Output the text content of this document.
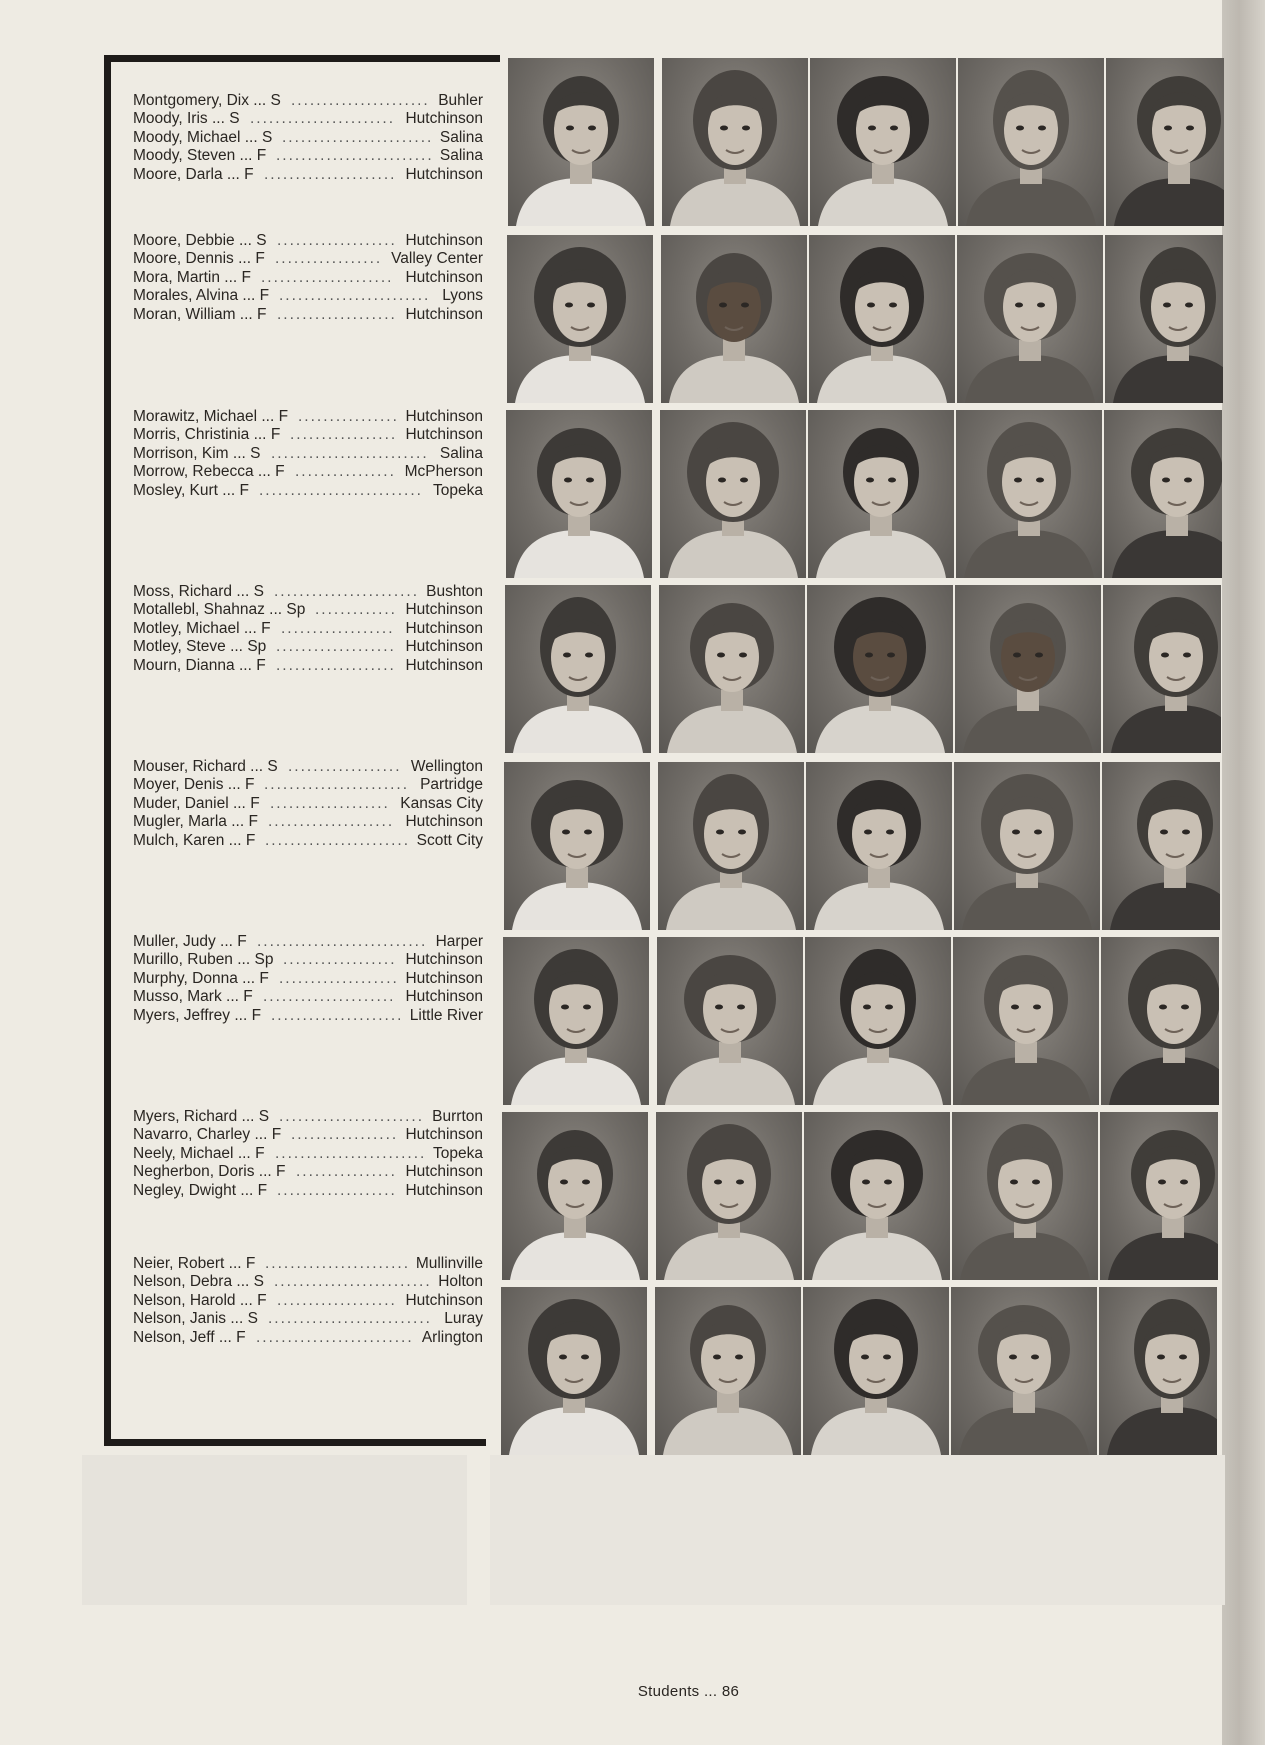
Montgomery, Dix ... S ...................... Buhler
Moody, Iris ... S ....................... Hutchinson
Moody, Michael ... S ........................ Salina
Moody, Steven ... F ......................... Salina
Moore, Darla ... F ..................... Hutchinson
Moore, Debbie ... S ................... Hutchinson
Moore, Dennis ... F ................. Valley Center
Mora, Martin ... F ..................... Hutchinson
Morales, Alvina ... F ........................ Lyons
Moran, William ... F ................... Hutchinson
Morawitz, Michael ... F ................ Hutchinson
Morris, Christinia ... F ................. Hutchinson
Morrison, Kim ... S ......................... Salina
Morrow, Rebecca ... F ................ McPherson
Mosley, Kurt ... F .......................... Topeka
Moss, Richard ... S ....................... Bushton
Motallebl, Shahnaz ... Sp ............. Hutchinson
Motley, Michael ... F .................. Hutchinson
Motley, Steve ... Sp ................... Hutchinson
Mourn, Dianna ... F ................... Hutchinson
Mouser, Richard ... S .................. Wellington
Moyer, Denis ... F ....................... Partridge
Muder, Daniel ... F ................... Kansas City
Mugler, Marla ... F .................... Hutchinson
Mulch, Karen ... F ....................... Scott City
Muller, Judy ... F ........................... Harper
Murillo, Ruben ... Sp .................. Hutchinson
Murphy, Donna ... F ................... Hutchinson
Musso, Mark ... F ..................... Hutchinson
Myers, Jeffrey ... F ..................... Little River
Myers, Richard ... S ....................... Burrton
Navarro, Charley ... F ................. Hutchinson
Neely, Michael ... F ........................ Topeka
Negherbon, Doris ... F ................ Hutchinson
Negley, Dwight ... F ................... Hutchinson
Neier, Robert ... F ....................... Mullinville
Nelson, Debra ... S ......................... Holton
Nelson, Harold ... F ................... Hutchinson
Nelson, Janis ... S .......................... Luray
Nelson, Jeff ... F ......................... Arlington
Students ... 86
